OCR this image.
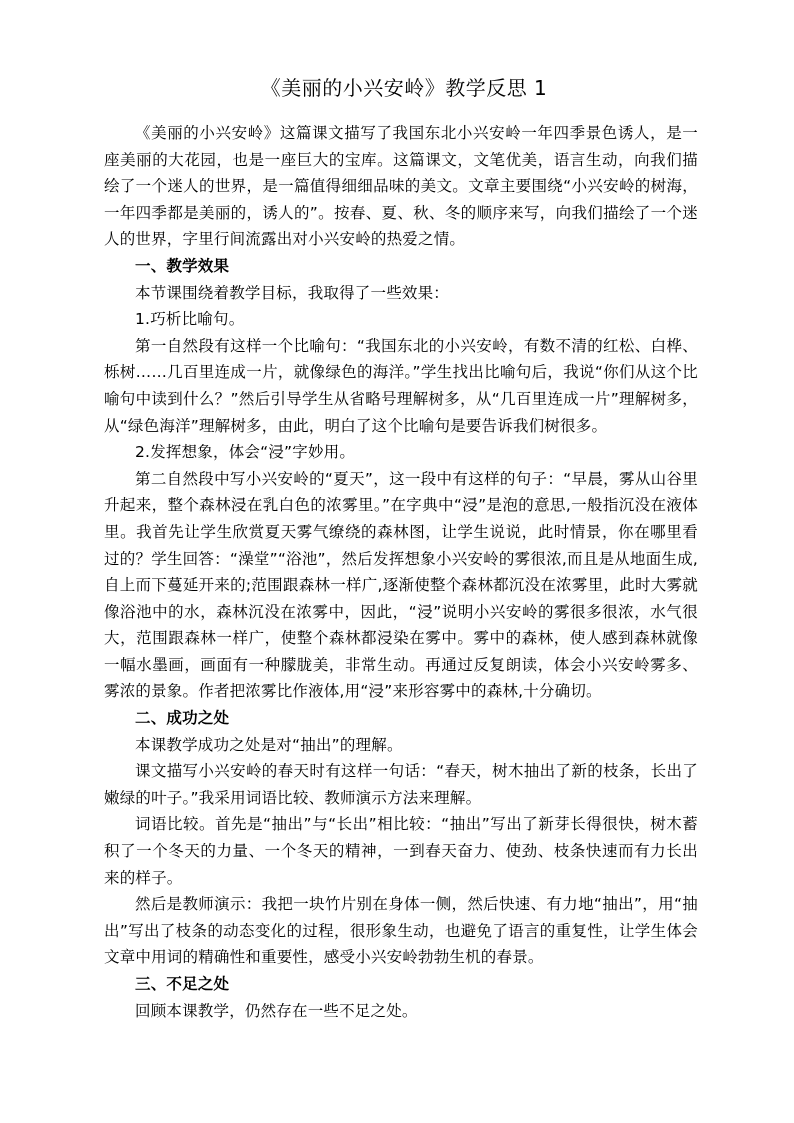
《美丽的小兴安岭》教学反思 1

《美丽的小兴安岭》这篇课文描写了我国东北小兴安岭一年四季景色诱人，是一座美丽的大花园，也是一座巨大的宝库。这篇课文，文笔优美，语言生动，向我们描绘了一个迷人的世界，是一篇值得细细品味的美文。文章主要围绕“小兴安岭的树海，一年四季都是美丽的，诱人的”。按春、夏、秋、冬的顺序来写，向我们描绘了一个迷人的世界，字里行间流露出对小兴安岭的热爱之情。

一、教学效果

本节课围绕着教学目标，我取得了一些效果：

1.巧析比喻句。

第一自然段有这样一个比喻句：“我国东北的小兴安岭，有数不清的红松、白桦、栎树……几百里连成一片，就像绿色的海洋。”学生找出比喻句后，我说“你们从这个比喻句中读到什么？”然后引导学生从省略号理解树多，从“几百里连成一片”理解树多，从“绿色海洋”理解树多，由此，明白了这个比喻句是要告诉我们树很多。

2.发挥想象，体会“浸”字妙用。

第二自然段中写小兴安岭的“夏天”，这一段中有这样的句子：“早晨，雾从山谷里升起来，整个森林浸在乳白色的浓雾里。”在字典中“浸”是泡的意思,一般指沉没在液体里。我首先让学生欣赏夏天雾气缭绕的森林图，让学生说说，此时情景，你在哪里看过的？学生回答：“澡堂”“浴池”，然后发挥想象小兴安岭的雾很浓,而且是从地面生成,自上而下蔓延开来的;范围跟森林一样广,逐渐使整个森林都沉没在浓雾里，此时大雾就像浴池中的水，森林沉没在浓雾中，因此，“浸”说明小兴安岭的雾很多很浓，水气很大，范围跟森林一样广，使整个森林都浸染在雾中。雾中的森林，使人感到森林就像一幅水墨画，画面有一种朦胧美，非常生动。再通过反复朗读，体会小兴安岭雾多、雾浓的景象。作者把浓雾比作液体,用“浸”来形容雾中的森林,十分确切。

二、成功之处

本课教学成功之处是对“抽出”的理解。

课文描写小兴安岭的春天时有这样一句话：“春天，树木抽出了新的枝条，长出了嫩绿的叶子。”我采用词语比较、教师演示方法来理解。

词语比较。首先是“抽出”与“长出”相比较：“抽出”写出了新芽长得很快，树木蓄积了一个冬天的力量、一个冬天的精神，一到春天奋力、使劲、枝条快速而有力长出来的样子。

然后是教师演示：我把一块竹片别在身体一侧，然后快速、有力地“抽出”，用“抽出”写出了枝条的动态变化的过程，很形象生动，也避免了语言的重复性，让学生体会文章中用词的精确性和重要性，感受小兴安岭勃勃生机的春景。

三、不足之处

回顾本课教学，仍然存在一些不足之处。
